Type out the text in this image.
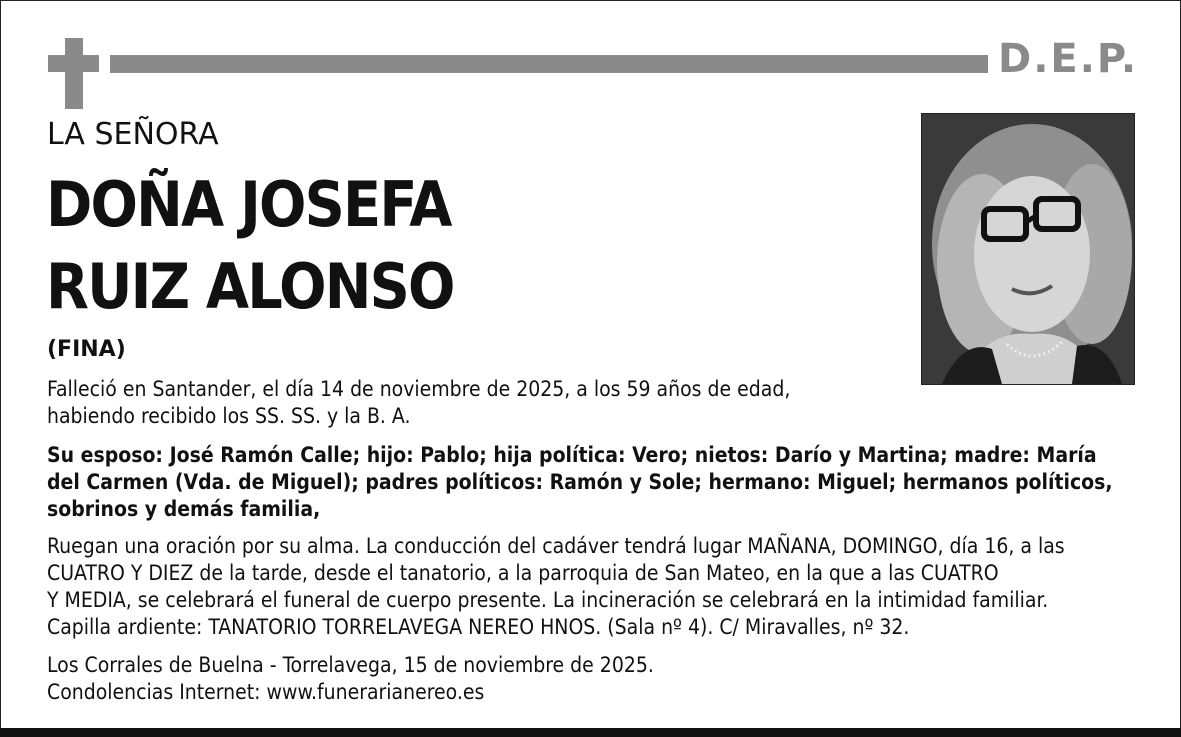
D.E.P.
LA SEÑORA
DOÑA JOSEFA
RUIZ ALONSO
(FINA)
Falleció en Santander, el día 14 de noviembre de 2025, a los 59 años de edad,
habiendo recibido los SS. SS. y la B. A.
Su esposo: José Ramón Calle; hijo: Pablo; hija política: Vero; nietos: Darío y Martina; madre: María
del Carmen (Vda. de Miguel); padres políticos: Ramón y Sole; hermano: Miguel; hermanos políticos,
sobrinos y demás familia,
Ruegan una oración por su alma. La conducción del cadáver tendrá lugar MAÑANA, DOMINGO, día 16, a las
CUATRO Y DIEZ de la tarde, desde el tanatorio, a la parroquia de San Mateo, en la que a las CUATRO
Y MEDIA, se celebrará el funeral de cuerpo presente. La incineración se celebrará en la intimidad familiar.
Capilla ardiente: TANATORIO TORRELAVEGA NEREO HNOS. (Sala nº 4). C/ Miravalles, nº 32.
Los Corrales de Buelna - Torrelavega, 15 de noviembre de 2025.
Condolencias Internet: www.funerarianereo.es
